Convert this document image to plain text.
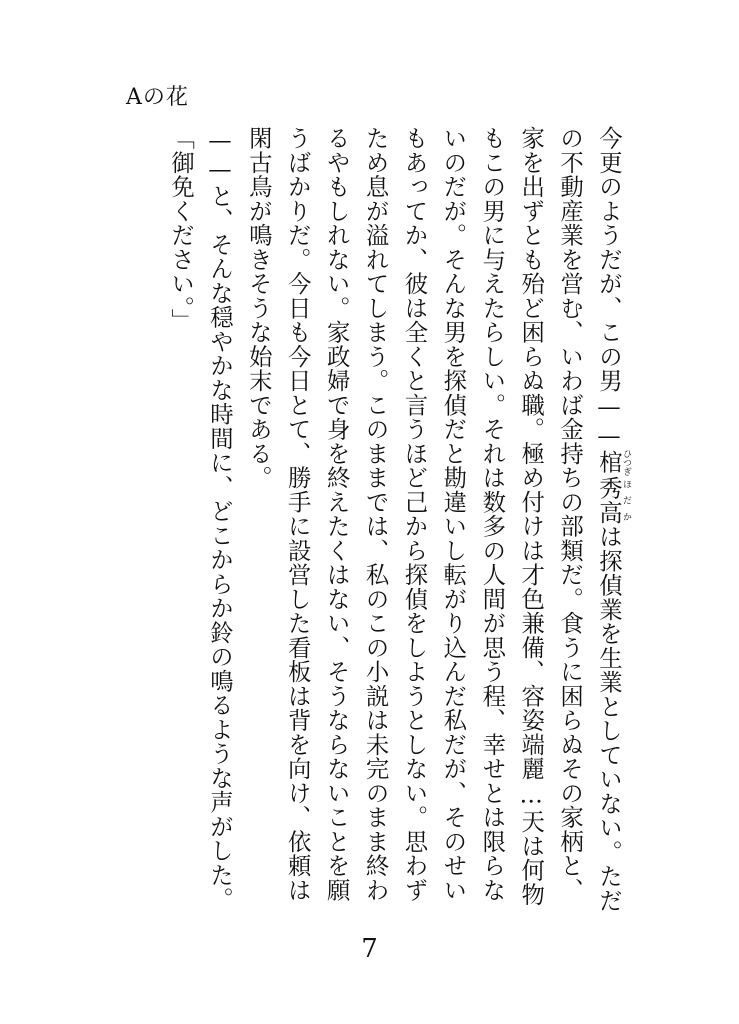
Aの花

今更のようだが、この男——棺ひつぎ秀高ほだかは探偵業を生業としていない。ただの不動産業を営む、いわば金持ちの部類だ。食うに困らぬその家柄と、家を出ずとも殆ど困らぬ職。極め付けは才色兼備、容姿端麗…天は何物もこの男に与えたらしい。それは数多の人間が思う程、幸せとは限らないのだが。そんな男を探偵だと勘違いし転がり込んだ私だが、そのせいもあってか、彼は全くと言うほど己から探偵をしようとしない。思わずため息が溢れてしまう。このままでは、私のこの小説は未完のまま終わるやもしれない。家政婦で身を終えたくはない、そうならないことを願うばかりだ。今日も今日とて、勝手に設営した看板は背を向け、依頼は閑古鳥が鳴きそうな始末である。

——と、そんな穏やかな時間に、どこからか鈴の鳴るような声がした。

「御免ください。」

7
